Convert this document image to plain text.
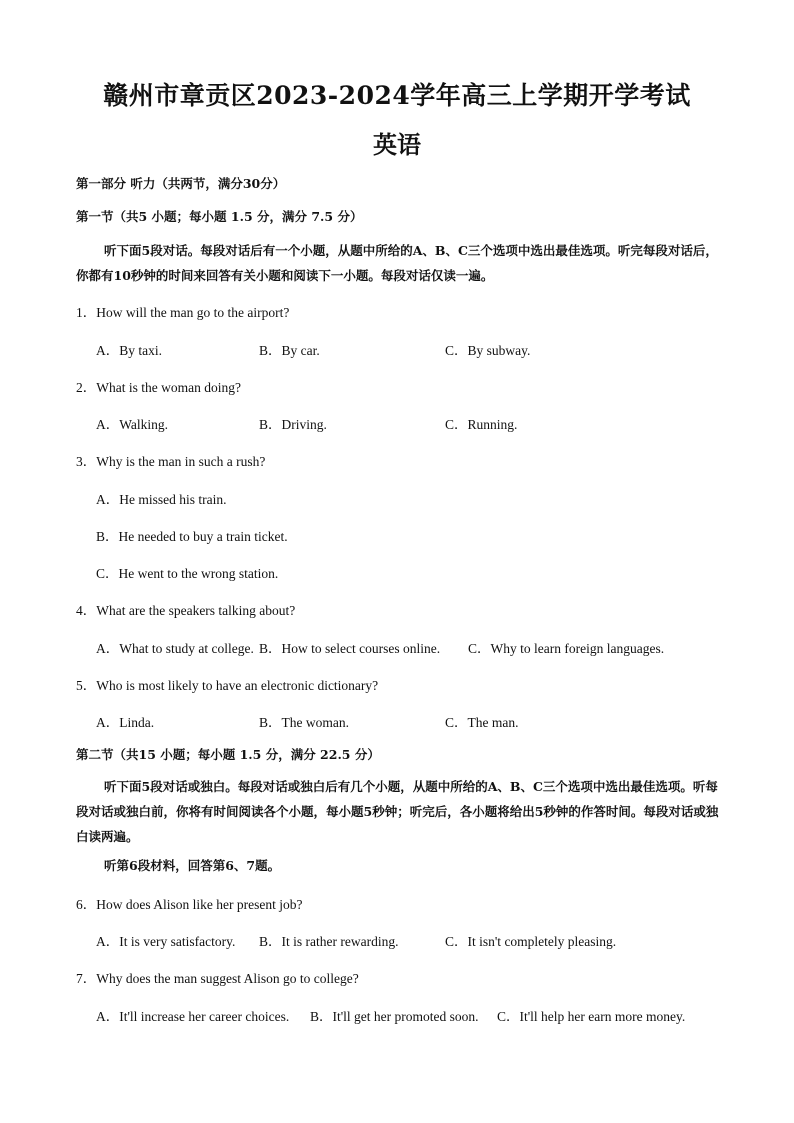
赣州市章贡区2023-2024学年高三上学期开学考试
英语
第一部分 听力（共两节，满分30分）
第一节（共5 小题；每小题 1.5 分，满分 7.5 分）
听下面5段对话。每段对话后有一个小题，从题中所给的A、B、C三个选项中选出最佳选项。听完每段对话后，你都有10秒钟的时间来回答有关小题和阅读下一小题。每段对话仅读一遍。
1．How will the man go to the airport?
A．By taxi.	B．By car.	C．By subway.
2．What is the woman doing?
A．Walking.	B．Driving.	C．Running.
3．Why is the man in such a rush?
A．He missed his train.
B．He needed to buy a train ticket.
C．He went to the wrong station.
4．What are the speakers talking about?
A．What to study at college. B．How to select courses online. C．Why to learn foreign languages.
5．Who is most likely to have an electronic dictionary?
A．Linda.	B．The woman.	C．The man.
第二节（共15 小题；每小题 1.5 分，满分 22.5 分）
听下面5段对话或独白。每段对话或独白后有几个小题，从题中所给的A、B、C三个选项中选出最佳选项。听每段对话或独白前，你将有时间阅读各个小题，每小题5秒钟；听完后，各小题将给出5秒钟的作答时间。每段对话或独白读两遍。
听第6段材料，回答第6、7题。
6．How does Alison like her present job?
A．It is very satisfactory. B．It is rather rewarding.	C．It isn't completely pleasing.
7．Why does the man suggest Alison go to college?
A．It'll increase her career choices. B．It'll get her promoted soon. C．It'll help her earn more money.
